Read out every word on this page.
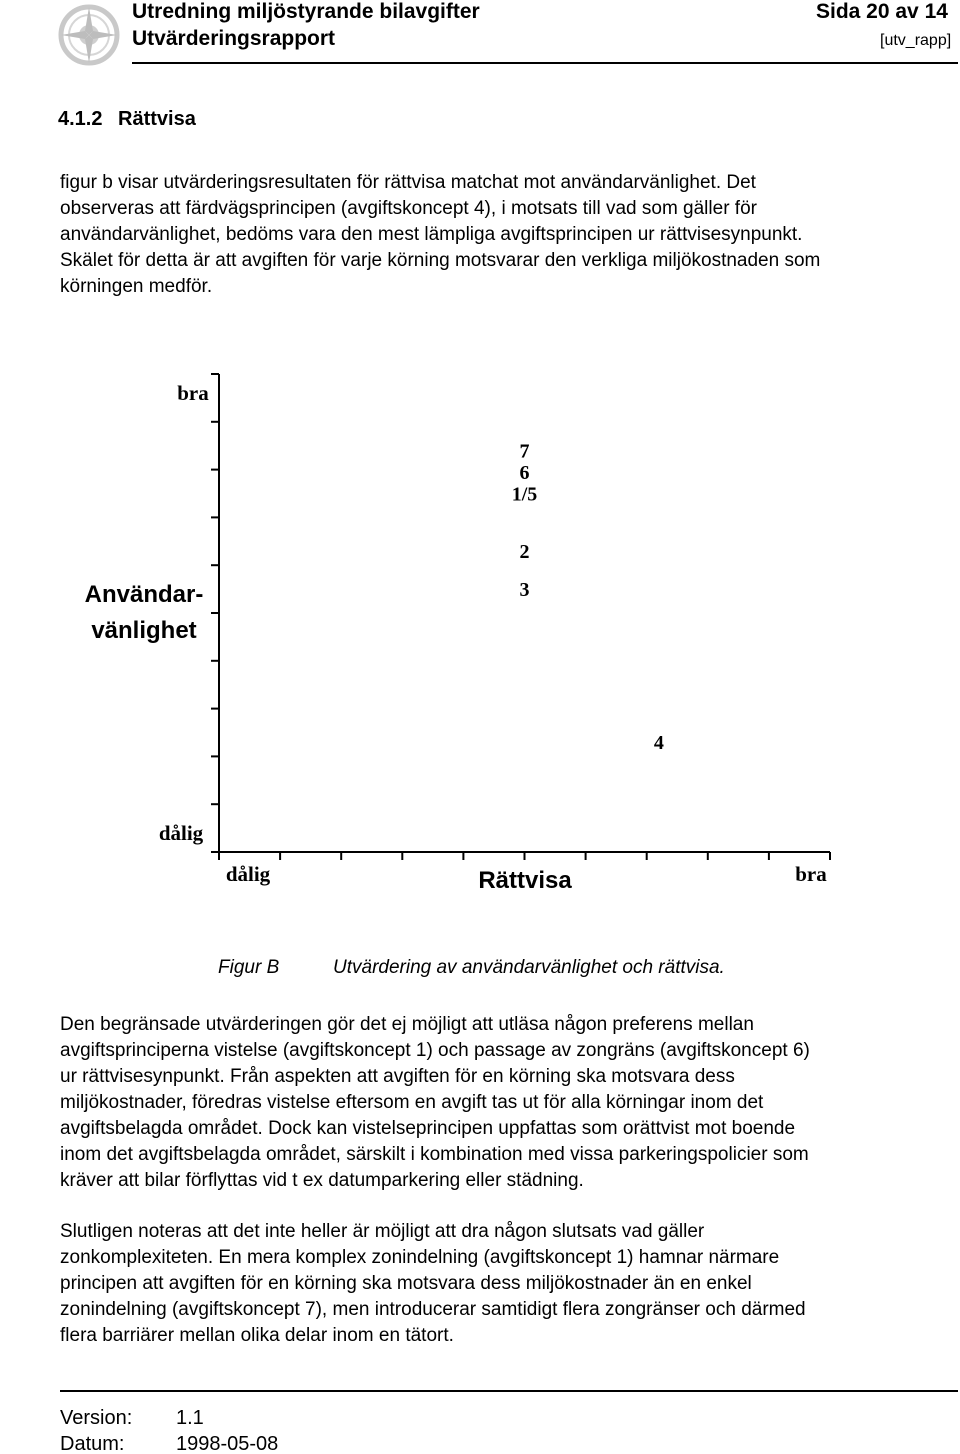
Utredning miljöstyrande bilavgifter	Sida 20 av 14
Utvärderingsrapport	[utv_rapp]
4.1.2 Rättvisa
figur b visar utvärderingsresultaten för rättvisa matchat mot användarvänlighet. Det
observeras att färdvägsprincipen (avgiftskoncept 4), i motsats till vad som gäller för
användarvänlighet, bedöms vara den mest lämpliga avgiftsprincipen ur rättvisesynpunkt.
Skälet för detta är att avgiften för varje körning motsvarar den verkliga miljökostnaden som
körningen medför.
bra
dålig
Användar-
vänlighet
dålig	Rättvisa	bra
7
6
1/5
2
3
4
Figur B	Utvärdering av användarvänlighet och rättvisa.
Den begränsade utvärderingen gör det ej möjligt att utläsa någon preferens mellan
avgiftsprinciperna vistelse (avgiftskoncept 1) och passage av zongräns (avgiftskoncept 6)
ur rättvisesynpunkt. Från aspekten att avgiften för en körning ska motsvara dess
miljökostnader, föredras vistelse eftersom en avgift tas ut för alla körningar inom det
avgiftsbelagda området. Dock kan vistelseprincipen uppfattas som orättvist mot boende
inom det avgiftsbelagda området, särskilt i kombination med vissa parkeringspolicier som
kräver att bilar förflyttas vid t ex datumparkering eller städning.
Slutligen noteras att det inte heller är möjligt att dra någon slutsats vad gäller
zonkomplexiteten. En mera komplex zonindelning (avgiftskoncept 1) hamnar närmare
principen att avgiften för en körning ska motsvara dess miljökostnader än en enkel
zonindelning (avgiftskoncept 7), men introducerar samtidigt flera zongränser och därmed
flera barriärer mellan olika delar inom en tätort.
Version: 1.1
Datum:	1998-05-08
